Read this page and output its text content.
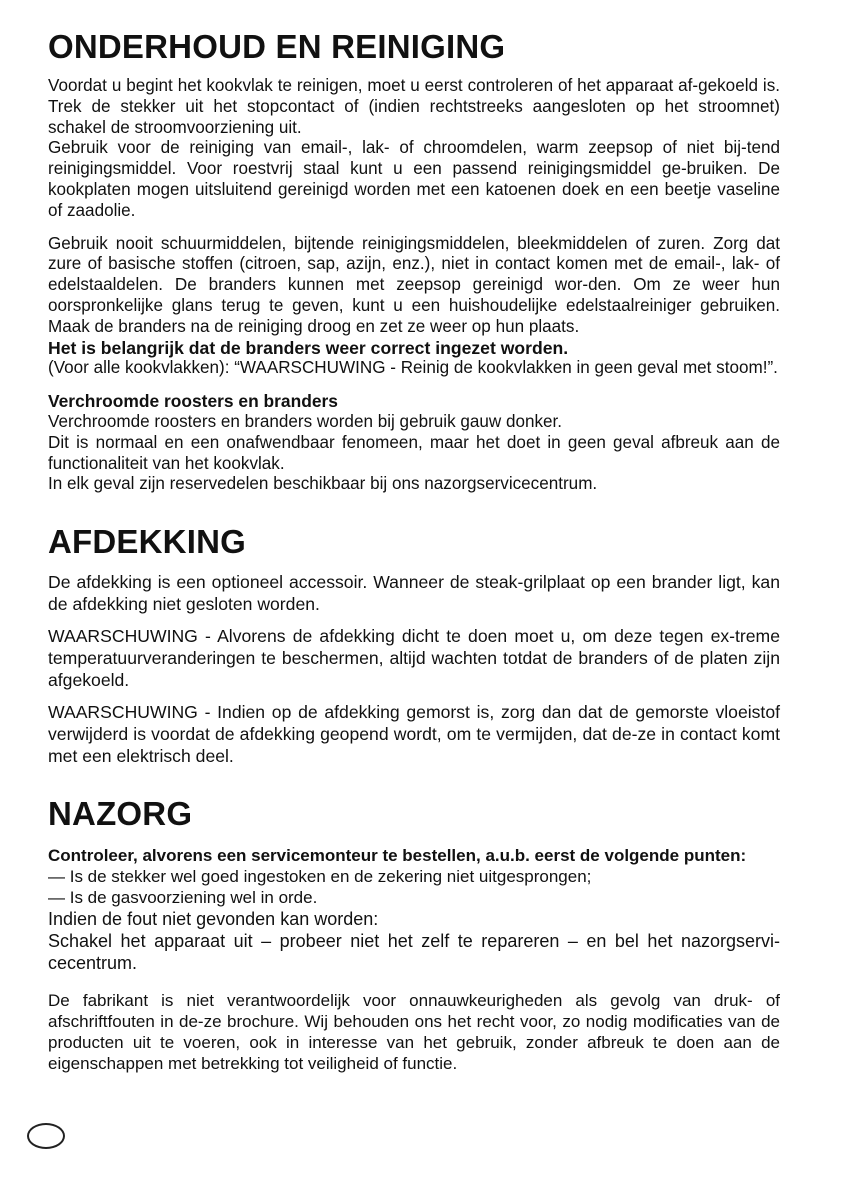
ONDERHOUD EN REINIGING

Voordat u begint het kookvlak te reinigen, moet u eerst controleren of het apparaat af-gekoeld is. Trek de stekker uit het stopcontact of (indien rechtstreeks aangesloten op het stroomnet) schakel de stroomvoorziening uit.

Gebruik voor de reiniging van email-, lak- of chroomdelen, warm zeepsop of niet bij-tend reinigingsmiddel. Voor roestvrij staal kunt u een passend reinigingsmiddel ge-bruiken. De kookplaten mogen uitsluitend gereinigd worden met een katoenen doek en een beetje vaseline of zaadolie.

Gebruik nooit schuurmiddelen, bijtende reinigingsmiddelen, bleekmiddelen of zuren. Zorg dat zure of basische stoffen (citroen, sap, azijn, enz.), niet in contact komen met de email-, lak- of edelstaaldelen. De branders kunnen met zeepsop gereinigd wor-den. Om ze weer hun oorspronkelijke glans terug te geven, kunt u een huishoudelijke edelstaalreiniger gebruiken. Maak de branders na de reiniging droog en zet ze weer op hun plaats.

Het is belangrijk dat de branders weer correct ingezet worden.

(Voor alle kookvlakken): “WAARSCHUWING - Reinig de kookvlakken in geen geval met stoom!”.

Verchroomde roosters en branders

Verchroomde roosters en branders worden bij gebruik gauw donker.

Dit is normaal en een onafwendbaar fenomeen, maar het doet in geen geval afbreuk aan de functionaliteit van het kookvlak.

In elk geval zijn reservedelen beschikbaar bij ons nazorgservicecentrum.

AFDEKKING

De afdekking is een optioneel accessoir. Wanneer de steak-grilplaat op een brander ligt, kan de afdekking niet gesloten worden.

WAARSCHUWING - Alvorens de afdekking dicht te doen moet u, om deze tegen ex-treme temperatuurveranderingen te beschermen, altijd wachten totdat de branders of de platen zijn afgekoeld.

WAARSCHUWING - Indien op de afdekking gemorst is, zorg dan dat de gemorste vloeistof verwijderd is voordat de afdekking geopend wordt, om te vermijden, dat de-ze in contact komt met een elektrisch deel.

NAZORG

Controleer, alvorens een servicemonteur te bestellen, a.u.b. eerst de volgende punten:

— Is de stekker wel goed ingestoken en de zekering niet uitgesprongen;

— Is de gasvoorziening wel in orde.

Indien de fout niet gevonden kan worden:

Schakel het apparaat uit – probeer niet het zelf te repareren – en bel het nazorgservi-cecentrum.

De fabrikant is niet verantwoordelijk voor onnauwkeurigheden als gevolg van druk- of afschriftfouten in de-ze brochure. Wij behouden ons het recht voor, zo nodig modificaties van de producten uit te voeren, ook in interesse van het gebruik, zonder afbreuk te doen aan de eigenschappen met betrekking tot veiligheid of functie.
